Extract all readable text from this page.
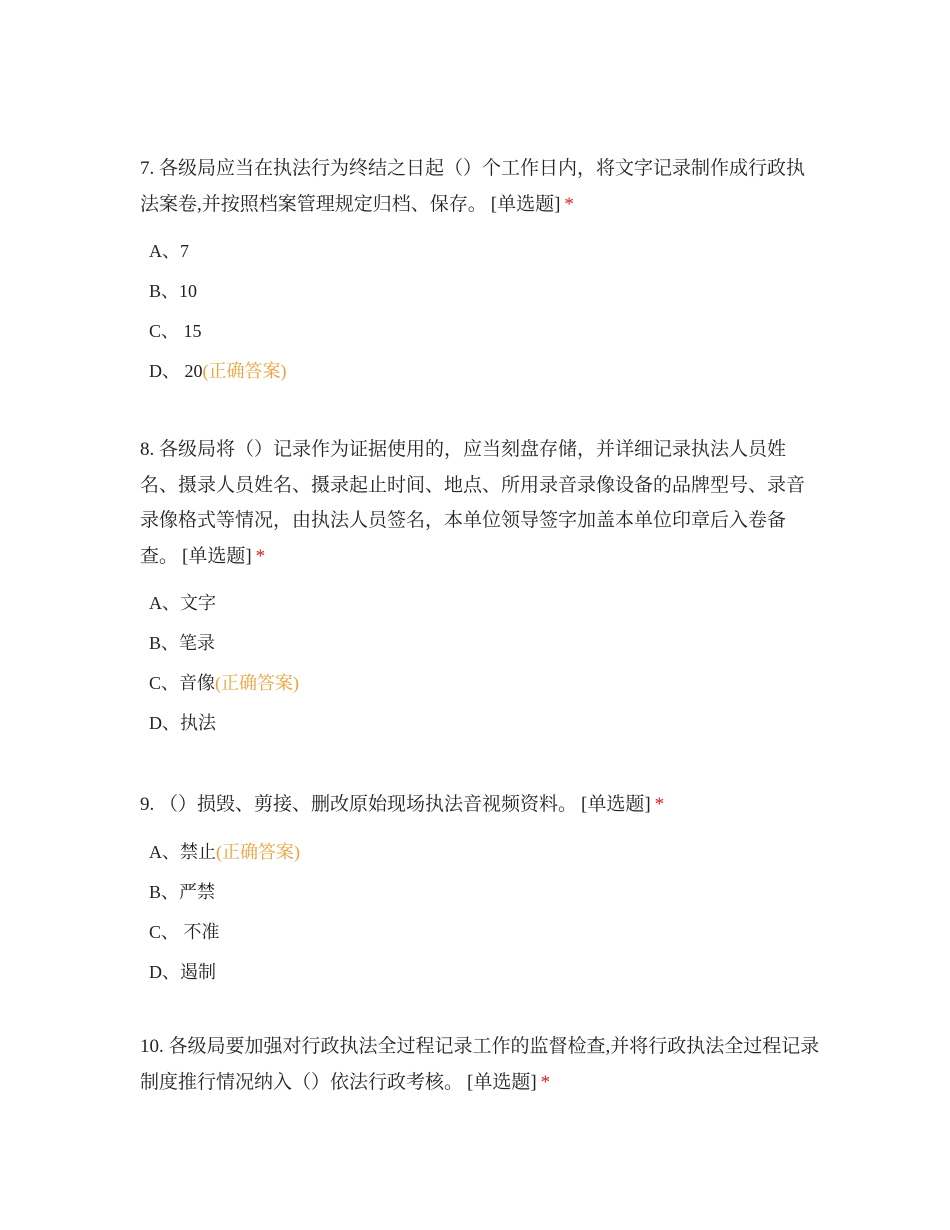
7. 各级局应当在执法行为终结之日起（）个工作日内，将文字记录制作成行政执法案卷,并按照档案管理规定归档、保存。 [单选题] *

A、7
B、10
C、 15
D、 20(正确答案)

8. 各级局将（）记录作为证据使用的，应当刻盘存储，并详细记录执法人员姓名、摄录人员姓名、摄录起止时间、地点、所用录音录像设备的品牌型号、录音录像格式等情况，由执法人员签名，本单位领导签字加盖本单位印章后入卷备查。 [单选题] *

A、文字
B、笔录
C、音像(正确答案)
D、执法

9. （）损毁、剪接、删改原始现场执法音视频资料。 [单选题] *

A、禁止(正确答案)
B、严禁
C、 不准
D、遏制

10. 各级局要加强对行政执法全过程记录工作的监督检查,并将行政执法全过程记录制度推行情况纳入（）依法行政考核。 [单选题] *
